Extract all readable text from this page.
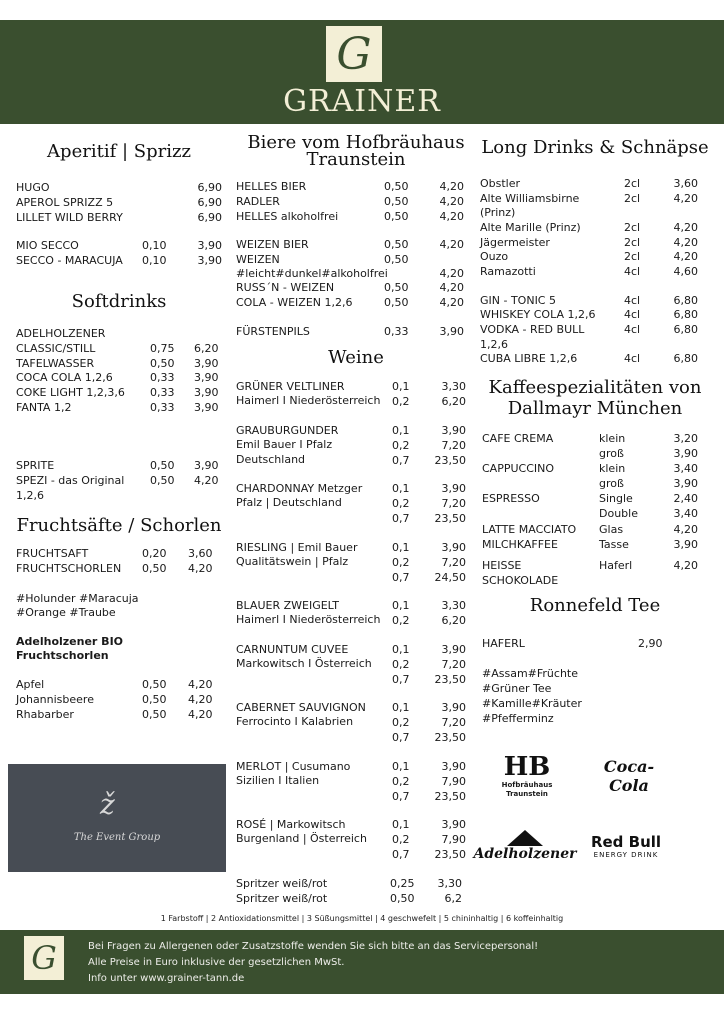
G
GRAINER
Aperitif | Sprizz
Softdrinks
Fruchtsäfte / Schorlen
#Holunder #Maracuja
#Orange #Traube
Adelholzener BIO
Fruchtschorlen
ž
The Event Group
Biere vom Hofbräuhaus Traunstein
Weine
Long Drinks & Schnäpse
Kaffeespezialitäten von
Dallmayr München
Ronnefeld Tee
HAFERL	2,90
#Assam#Früchte
#Grüner Tee
#Kamille#Kräuter
#Pfefferminz
HB
Hofbräuhaus
Traunstein
Coca-Cola
Adelholzener
Red Bull
ENERGY DRINK
1 Farbstoff | 2 Antioxidationsmittel | 3 Süßungsmittel | 4 geschwefelt | 5 chininhaltig | 6 koffeinhaltig
G	Bei Fragen zu Allergenen oder Zusatzstoffe wenden Sie sich bitte an das Servicepersonal!
Alle Preise in Euro inklusive der gesetzlichen MwSt.
Info unter www.grainer-tann.de
HUGO	6,90
APEROL SPRIZZ 5	6,90
LILLET WILD BERRY	6,90
MIO SECCO	0,10	3,90
SECCO - MARACUJA 0,10	3,90
ADELHOLZENER
CLASSIC/STILL	0,75 6,20
TAFELWASSER	0,50 3,90
COCA COLA 1,2,6	0,33 3,90
COKE LIGHT 1,2,3,6 0,33 3,90
FANTA 1,2	0,33 3,90
SPRITE	0,50 3,90
SPEZI - das Original 0,50 4,20
1,2,6
FRUCHTSAFT	0,20 3,60
FRUCHTSCHORLEN 0,50 4,20
Apfel	0,50 4,20
Johannisbeere	0,50 4,20
Rhabarber	0,50 4,20
HELLES BIER	0,50	4,20
RADLER	0,50	4,20
HELLES alkoholfrei	0,50	4,20
WEIZEN BIER	0,50	4,20
WEIZEN	0,50
#leicht#dunkel#alkoholfrei	4,20
RUSS´N - WEIZEN	0,50	4,20
COLA - WEIZEN 1,2,6	0,50	4,20
FÜRSTENPILS	0,33	3,90
GRÜNER VELTLINER
Haimerl I Niederösterreich
0,1	3,30
0,2	6,20
GRAUBURGUNDER
Emil Bauer I Pfalz
Deutschland
0,1	3,90
0,2	7,20
0,7	23,50
CHARDONNAY Metzger
Pfalz | Deutschland
0,1	3,90
0,2	7,20
0,7	23,50
RIESLING | Emil Bauer
Qualitätswein | Pfalz
0,1	3,90
0,2	7,20
0,7	24,50
BLAUER ZWEIGELT
Haimerl I Niederösterreich
0,1	3,30
0,2	6,20
CARNUNTUM CUVEE
Markowitsch I Österreich
0,1	3,90
0,2	7,20
0,7	23,50
CABERNET SAUVIGNON
Ferrocinto I Kalabrien
0,1	3,90
0,2	7,20
0,7	23,50
MERLOT | Cusumano
Sizilien I Italien
0,1	3,90
0,2	7,90
0,7	23,50
ROSÉ | Markowitsch
Burgenland | Österreich
0,1	3,90
0,2	7,90
0,7	23,50
Spritzer weiß/rot	0,25	3,30
Spritzer weiß/rot	0,50	6,2
Obstler	2cl	3,60
Alte Williamsbirne	2cl	4,20
(Prinz)
Alte Marille (Prinz)	2cl	4,20
Jägermeister	2cl	4,20
Ouzo	2cl	4,20
Ramazotti	4cl	4,60
GIN - TONIC 5	4cl	6,80
WHISKEY COLA 1,2,6	4cl	6,80
VODKA - RED BULL	4cl	6,80
1,2,6
CUBA LIBRE 1,2,6	4cl	6,80
CAFE CREMA	klein	3,20
groß	3,90
CAPPUCCINO	klein	3,40
groß	3,90
ESPRESSO	Single	2,40
Double	3,40
LATTE MACCIATO Glas	4,20
MILCHKAFFEE	Tasse	3,90
HEISSE	Haferl	4,20
SCHOKOLADE
